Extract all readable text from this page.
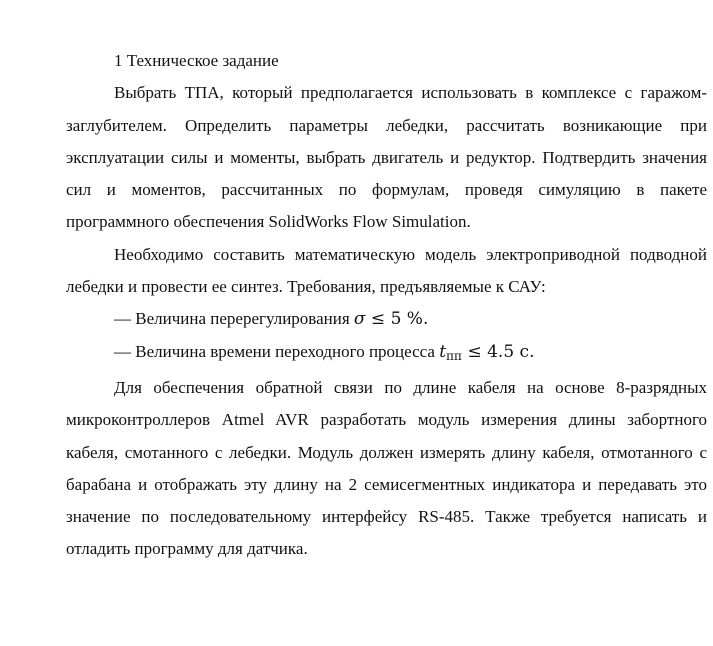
1 Техническое задание

Выбрать ТПА, который предполагается использовать в комплексе с гаражом-заглубителем. Определить параметры лебедки, рассчитать возникающие при эксплуатации силы и моменты, выбрать двигатель и редуктор. Подтвердить значения сил и моментов, рассчитанных по формулам, проведя симуляцию в пакете программного обеспечения SolidWorks Flow Simulation.

Необходимо составить математическую модель электроприводной подводной лебедки и провести ее синтез. Требования, предъявляемые к САУ:

— Величина перерегулирования σ ≤ 5 %.

— Величина времени переходного процесса $t_{пп} \le 4.5$ с.

Для обеспечения обратной связи по длине кабеля на основе 8-разрядных микроконтроллеров Atmel AVR разработать модуль измерения длины забортного кабеля, смотанного с лебедки. Модуль должен измерять длину кабеля, отмотанного с барабана и отображать эту длину на 2 семисегментных индикатора и передавать это значение по последовательному интерфейсу RS-485. Также требуется написать и отладить программу для датчика.
